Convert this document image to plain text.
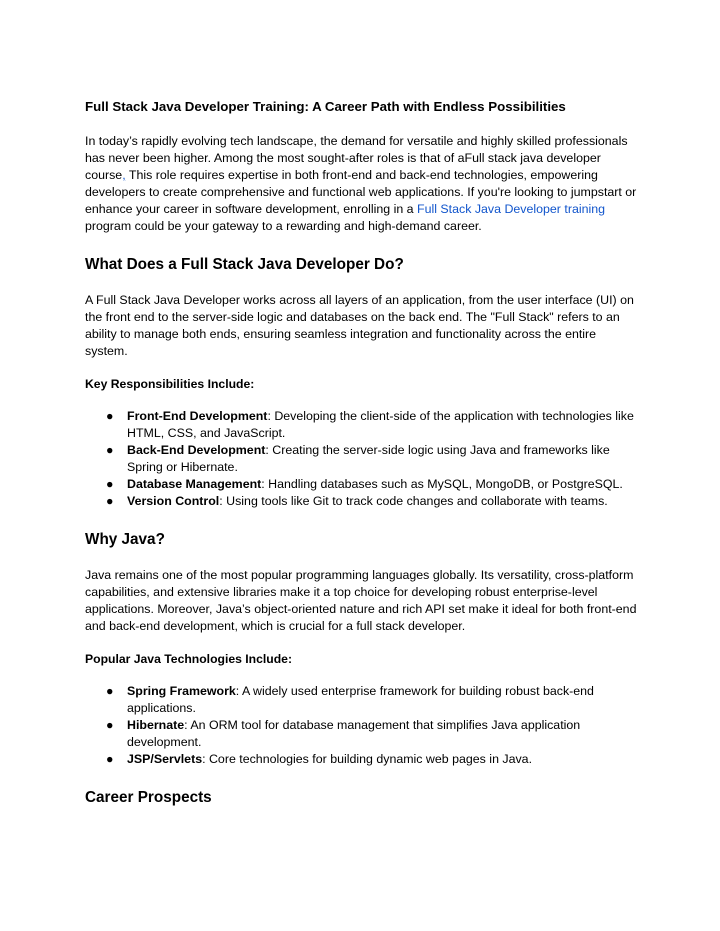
Full Stack Java Developer Training: A Career Path with Endless Possibilities

In today’s rapidly evolving tech landscape, the demand for versatile and highly skilled professionals has never been higher. Among the most sought-after roles is that of aFull stack java developer course, This role requires expertise in both front-end and back-end technologies, empowering developers to create comprehensive and functional web applications. If you're looking to jumpstart or enhance your career in software development, enrolling in a Full Stack Java Developer training program could be your gateway to a rewarding and high-demand career.

What Does a Full Stack Java Developer Do?

A Full Stack Java Developer works across all layers of an application, from the user interface (UI) on the front end to the server-side logic and databases on the back end. The "Full Stack" refers to an ability to manage both ends, ensuring seamless integration and functionality across the entire system.

Key Responsibilities Include:
● Front-End Development: Developing the client-side of the application with technologies like HTML, CSS, and JavaScript.
● Back-End Development: Creating the server-side logic using Java and frameworks like Spring or Hibernate.
● Database Management: Handling databases such as MySQL, MongoDB, or PostgreSQL.
● Version Control: Using tools like Git to track code changes and collaborate with teams.
Why Java?

Java remains one of the most popular programming languages globally. Its versatility, cross-platform capabilities, and extensive libraries make it a top choice for developing robust enterprise-level applications. Moreover, Java’s object-oriented nature and rich API set make it ideal for both front-end and back-end development, which is crucial for a full stack developer.

Popular Java Technologies Include:
● Spring Framework: A widely used enterprise framework for building robust back-end applications.
● Hibernate: An ORM tool for database management that simplifies Java application development.
● JSP/Servlets: Core technologies for building dynamic web pages in Java.
Career Prospects
